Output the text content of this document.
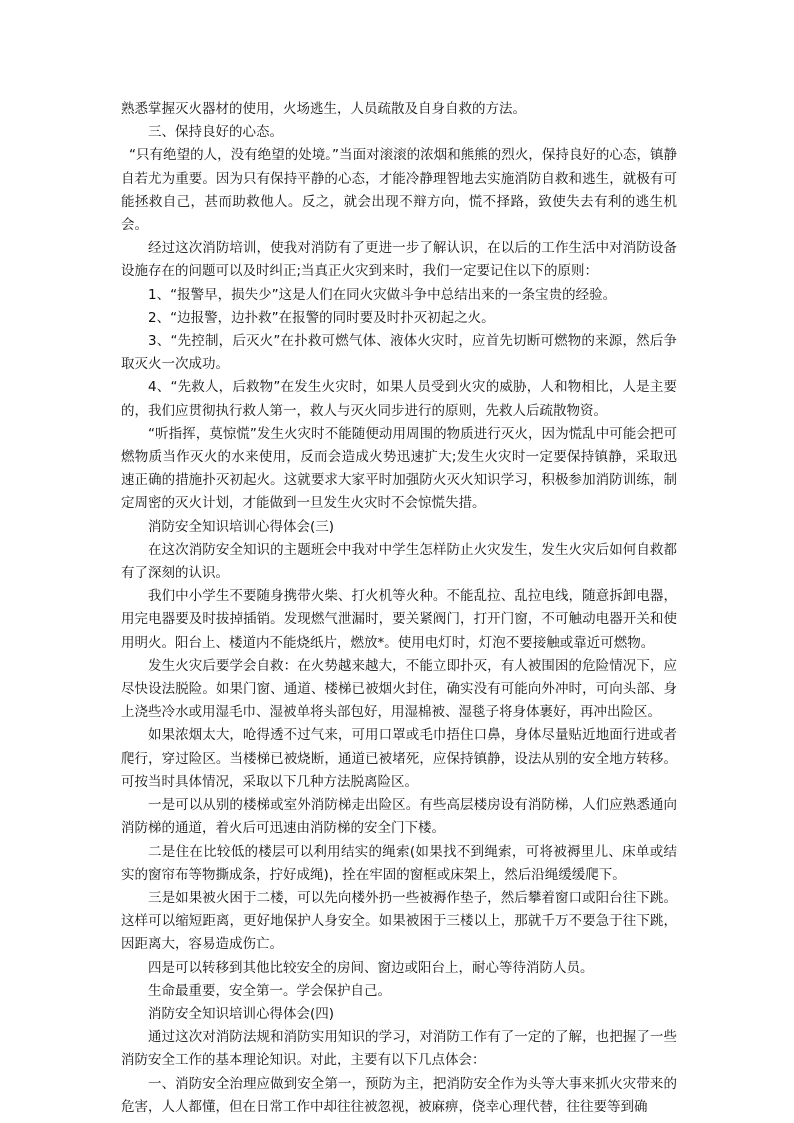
熟悉掌握灭火器材的使用，火场逃生，人员疏散及自身自救的方法。

三、保持良好的心态。

“只有绝望的人，没有绝望的处境。”当面对滚滚的浓烟和熊熊的烈火，保持良好的心态，镇静自若尤为重要。因为只有保持平静的心态，才能冷静理智地去实施消防自救和逃生，就极有可能拯救自己，甚而助救他人。反之，就会出现不辩方向，慌不择路，致使失去有利的逃生机会。

经过这次消防培训，使我对消防有了更进一步了解认识，在以后的工作生活中对消防设备设施存在的问题可以及时纠正;当真正火灾到来时，我们一定要记住以下的原则：

1、“报警早，损失少”这是人们在同火灾做斗争中总结出来的一条宝贵的经验。

2、“边报警，边扑救”在报警的同时要及时扑灭初起之火。

3、“先控制，后灭火”在扑救可燃气体、液体火灾时，应首先切断可燃物的来源，然后争取灭火一次成功。

4、“先救人，后救物”在发生火灾时，如果人员受到火灾的威胁，人和物相比，人是主要的，我们应贯彻执行救人第一，救人与灭火同步进行的原则，先救人后疏散物资。

“听指挥，莫惊慌”发生火灾时不能随便动用周围的物质进行灭火，因为慌乱中可能会把可燃物质当作灭火的水来使用，反而会造成火势迅速扩大;发生火灾时一定要保持镇静，采取迅速正确的措施扑灭初起火。这就要求大家平时加强防火灭火知识学习，积极参加消防训练，制定周密的灭火计划，才能做到一旦发生火灾时不会惊慌失措。

消防安全知识培训心得体会(三)

在这次消防安全知识的主题班会中我对中学生怎样防止火灾发生，发生火灾后如何自救都有了深刻的认识。

我们中小学生不要随身携带火柴、打火机等火种。不能乱拉、乱拉电线，随意拆卸电器，用完电器要及时拔掉插销。发现燃气泄漏时，要关紧阀门，打开门窗，不可触动电器开关和使用明火。阳台上、楼道内不能烧纸片，燃放*。使用电灯时，灯泡不要接触或靠近可燃物。

发生火灾后要学会自救：在火势越来越大，不能立即扑灭，有人被围困的危险情况下，应尽快设法脱险。如果门窗、通道、楼梯已被烟火封住，确实没有可能向外冲时，可向头部、身上浇些冷水或用湿毛巾、湿被单将头部包好，用湿棉被、湿毯子将身体裹好，再冲出险区。

如果浓烟太大，呛得透不过气来，可用口罩或毛巾捂住口鼻，身体尽量贴近地面行进或者爬行，穿过险区。当楼梯已被烧断，通道已被堵死，应保持镇静，设法从别的安全地方转移。可按当时具体情况，采取以下几种方法脱离险区。

一是可以从别的楼梯或室外消防梯走出险区。有些高层楼房设有消防梯，人们应熟悉通向消防梯的通道，着火后可迅速由消防梯的安全门下楼。

二是住在比较低的楼层可以利用结实的绳索(如果找不到绳索，可将被褥里儿、床单或结实的窗帘布等物撕成条，拧好成绳)，拴在牢固的窗框或床架上，然后沿绳缓缓爬下。

三是如果被火困于二楼，可以先向楼外扔一些被褥作垫子，然后攀着窗口或阳台往下跳。这样可以缩短距离，更好地保护人身安全。如果被困于三楼以上，那就千万不要急于往下跳，因距离大，容易造成伤亡。

四是可以转移到其他比较安全的房间、窗边或阳台上，耐心等待消防人员。

生命最重要，安全第一。学会保护自己。

消防安全知识培训心得体会(四)

通过这次对消防法规和消防实用知识的学习，对消防工作有了一定的了解，也把握了一些消防安全工作的基本理论知识。对此，主要有以下几点体会：

一、消防安全治理应做到安全第一，预防为主，把消防安全作为头等大事来抓火灾带来的危害，人人都懂，但在日常工作中却往往被忽视，被麻痹，侥幸心理代替，往往要等到确
